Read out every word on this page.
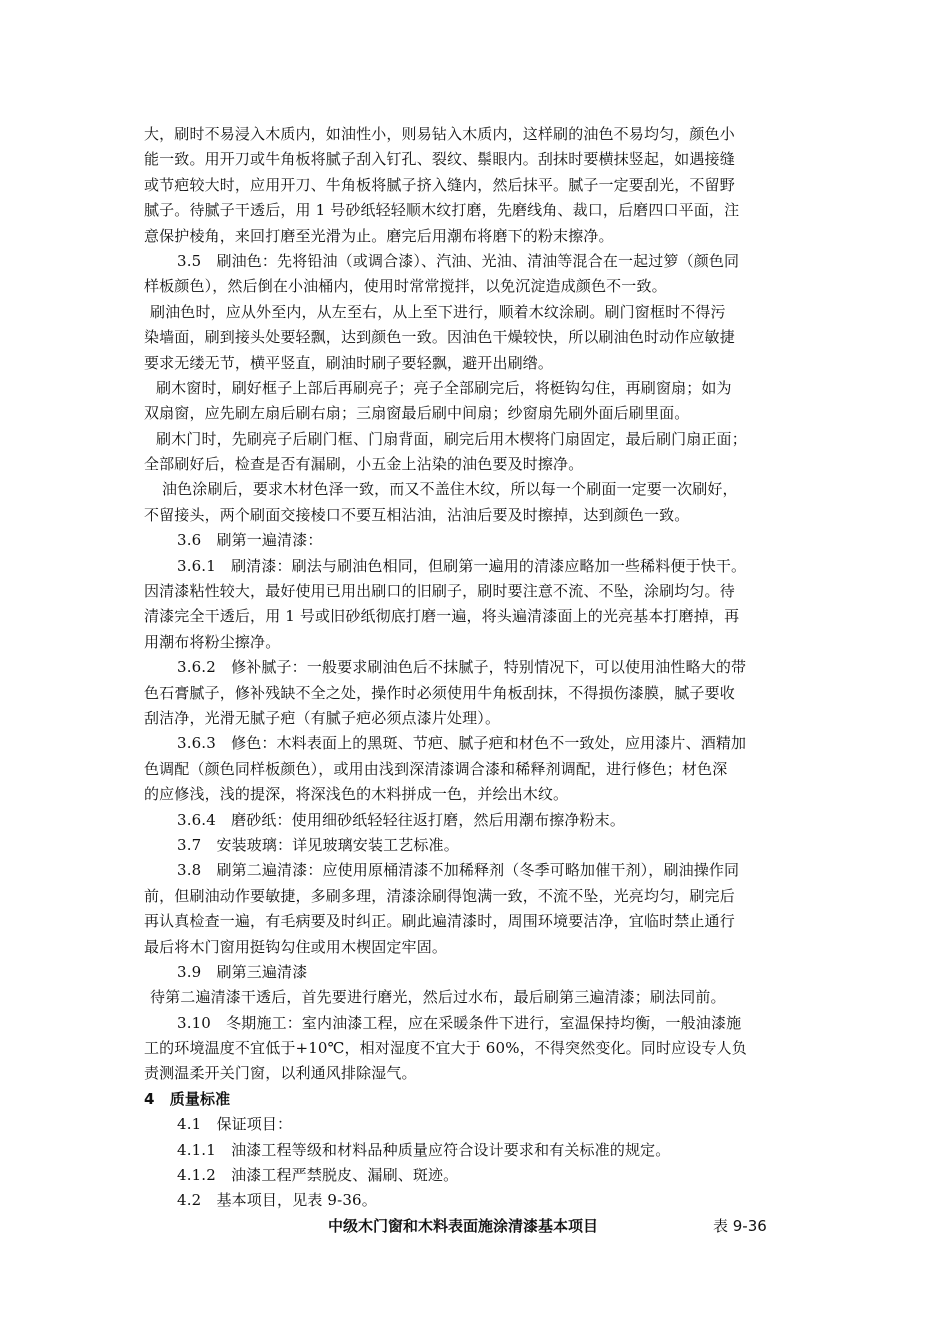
大，刷时不易浸入木质内，如油性小，则易钻入木质内，这样刷的油色不易均匀，颜色小
能一致。用开刀或牛角板将腻子刮入钉孔、裂纹、鬃眼内。刮抹时要横抹竖起，如遇接缝
或节疤较大时，应用开刀、牛角板将腻子挤入缝内，然后抹平。腻子一定要刮光，不留野
腻子。待腻子干透后，用 1 号砂纸轻轻顺木纹打磨，先磨线角、裁口，后磨四口平面，注
意保护棱角，来回打磨至光滑为止。磨完后用潮布将磨下的粉末擦净。
3.5　刷油色：先将铅油（或调合漆）、汽油、光油、清油等混合在一起过箩（颜色同
样板颜色），然后倒在小油桶内，使用时常常搅拌，以免沉淀造成颜色不一致。
刷油色时，应从外至内，从左至右，从上至下进行，顺着木纹涂刷。刷门窗框时不得污
染墙面，刷到接头处要轻飘，达到颜色一致。因油色干燥较快，所以刷油色时动作应敏捷
要求无缕无节，横平竖直，刷油时刷子要轻飘，避开出刷绺。
刷木窗时，刷好框子上部后再刷亮子；亮子全部刷完后，将梃钩勾住，再刷窗扇；如为
双扇窗，应先刷左扇后刷右扇；三扇窗最后刷中间扇；纱窗扇先刷外面后刷里面。
刷木门时，先刷亮子后刷门框、门扇背面，刷完后用木楔将门扇固定，最后刷门扇正面；
全部刷好后，检查是否有漏刷，小五金上沾染的油色要及时擦净。
油色涂刷后，要求木材色泽一致，而又不盖住木纹，所以每一个刷面一定要一次刷好，
不留接头，两个刷面交接棱口不要互相沾油，沾油后要及时擦掉，达到颜色一致。
3.6　刷第一遍清漆：
3.6.1　刷清漆：刷法与刷油色相同，但刷第一遍用的清漆应略加一些稀料便于快干。
因清漆粘性较大，最好使用已用出刷口的旧刷子，刷时要注意不流、不坠，涂刷均匀。待
清漆完全干透后，用 1 号或旧砂纸彻底打磨一遍，将头遍清漆面上的光亮基本打磨掉，再
用潮布将粉尘擦净。
3.6.2　修补腻子：一般要求刷油色后不抹腻子，特别情况下，可以使用油性略大的带
色石膏腻子，修补残缺不全之处，操作时必须使用牛角板刮抹，不得损伤漆膜，腻子要收
刮洁净，光滑无腻子疤（有腻子疤必须点漆片处理）。
3.6.3　修色：木料表面上的黑斑、节疤、腻子疤和材色不一致处，应用漆片、酒精加
色调配（颜色同样板颜色），或用由浅到深清漆调合漆和稀释剂调配，进行修色；材色深
的应修浅，浅的提深，将深浅色的木料拼成一色，并绘出木纹。
3.6.4　磨砂纸：使用细砂纸轻轻往返打磨，然后用潮布擦净粉末。
3.7　安装玻璃：详见玻璃安装工艺标准。
3.8　刷第二遍清漆：应使用原桶清漆不加稀释剂（冬季可略加催干剂），刷油操作同
前，但刷油动作要敏捷，多刷多理，清漆涂刷得饱满一致，不流不坠，光亮均匀，刷完后
再认真检查一遍，有毛病要及时纠正。刷此遍清漆时，周围环境要洁净，宜临时禁止通行
最后将木门窗用挺钩勾住或用木楔固定牢固。
3.9　刷第三遍清漆
待第二遍清漆干透后，首先要进行磨光，然后过水布，最后刷第三遍清漆；刷法同前。
3.10　冬期施工：室内油漆工程，应在采暖条件下进行，室温保持均衡，一般油漆施
工的环境温度不宜低于+10℃，相对湿度不宜大于 60%，不得突然变化。同时应设专人负
责测温柔开关门窗，以利通风排除湿气。
4　质量标准
4.1　保证项目：
4.1.1　油漆工程等级和材料品种质量应符合设计要求和有关标准的规定。
4.1.2　油漆工程严禁脱皮、漏刷、斑迹。
4.2　基本项目，见表 9-36。
中级木门窗和木料表面施涂清漆基本项目	表 9-36
